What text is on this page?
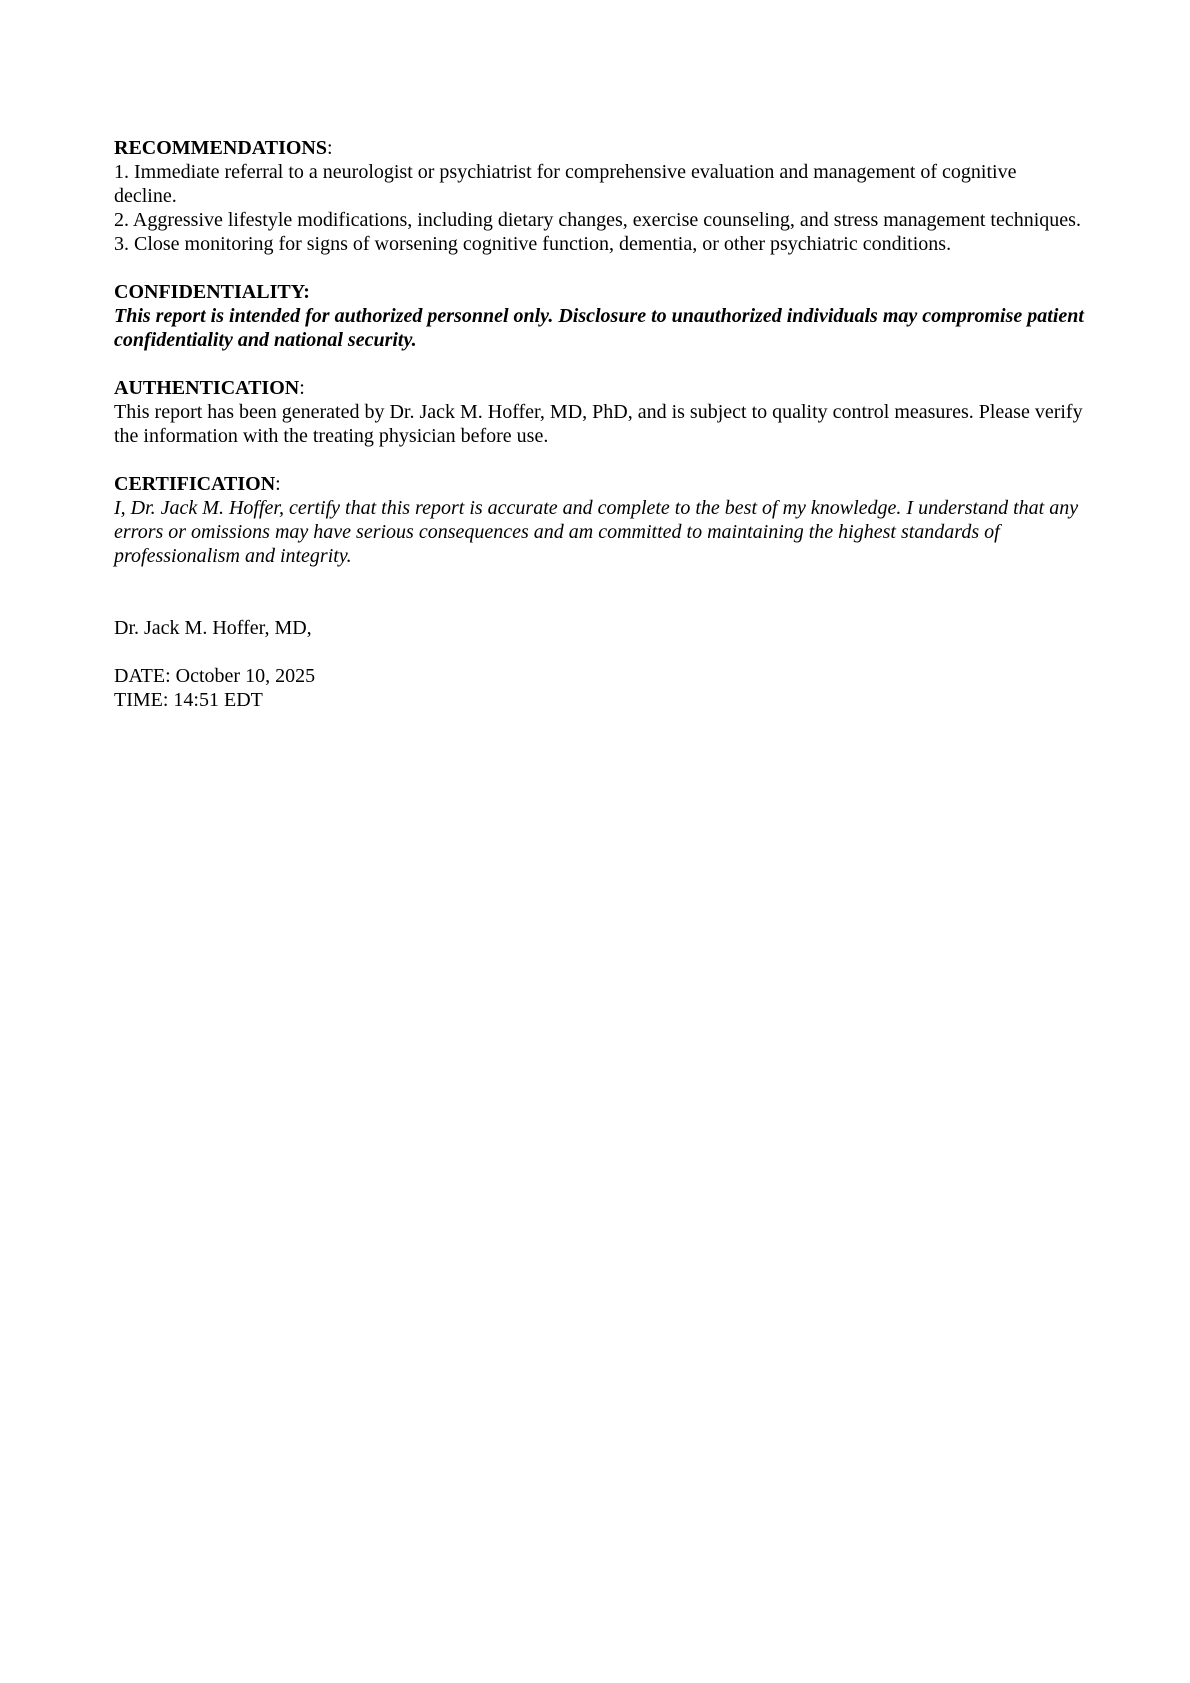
RECOMMENDATIONS:
1. Immediate referral to a neurologist or psychiatrist for comprehensive evaluation and management of cognitive decline.
2. Aggressive lifestyle modifications, including dietary changes, exercise counseling, and stress management techniques.
3. Close monitoring for signs of worsening cognitive function, dementia, or other psychiatric conditions.
CONFIDENTIALITY:
This report is intended for authorized personnel only. Disclosure to unauthorized individuals may compromise patient confidentiality and national security.
AUTHENTICATION:
This report has been generated by Dr. Jack M. Hoffer, MD, PhD, and is subject to quality control measures. Please verify the information with the treating physician before use.
CERTIFICATION:
I, Dr. Jack M. Hoffer, certify that this report is accurate and complete to the best of my knowledge. I understand that any errors or omissions may have serious consequences and am committed to maintaining the highest standards of professionalism and integrity.
Dr. Jack M. Hoffer, MD,
DATE: October 10, 2025
TIME: 14:51 EDT
